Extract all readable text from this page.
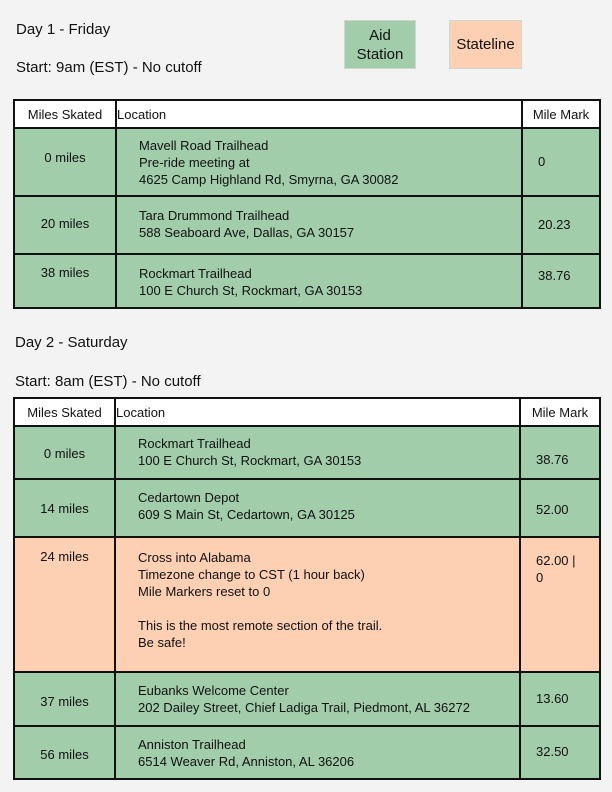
Day 1 - Friday
Start: 9am (EST) - No cutoff
Aid
Station
Stateline
Miles Skated	Location	Mile Mark
0 miles	Mavell Road Trailhead
Pre-ride meeting at
4625 Camp Highland Rd, Smyrna, GA 30082	0

20 miles	Tara Drummond Trailhead
588 Seaboard Ave, Dallas, GA 30157	20.23

38 miles	Rockmart Trailhead
100 E Church St, Rockmart, GA 30153	38.76
Day 2 - Saturday
Start: 8am (EST) - No cutoff
Miles Skated	Location	Mile Mark
0 miles	Rockmart Trailhead
100 E Church St, Rockmart, GA 30153	38.76

14 miles	Cedartown Depot
609 S Main St, Cedartown, GA 30125	52.00

24 miles	Cross into Alabama
Timezone change to CST (1 hour back)
Mile Markers reset to 0
This is the most remote section of the trail.
Be safe!	62.00 |
0

37 miles	Eubanks Welcome Center
202 Dailey Street, Chief Ladiga Trail, Piedmont, AL 36272	13.60

56 miles	Anniston Trailhead
6514 Weaver Rd, Anniston, AL 36206	32.50
